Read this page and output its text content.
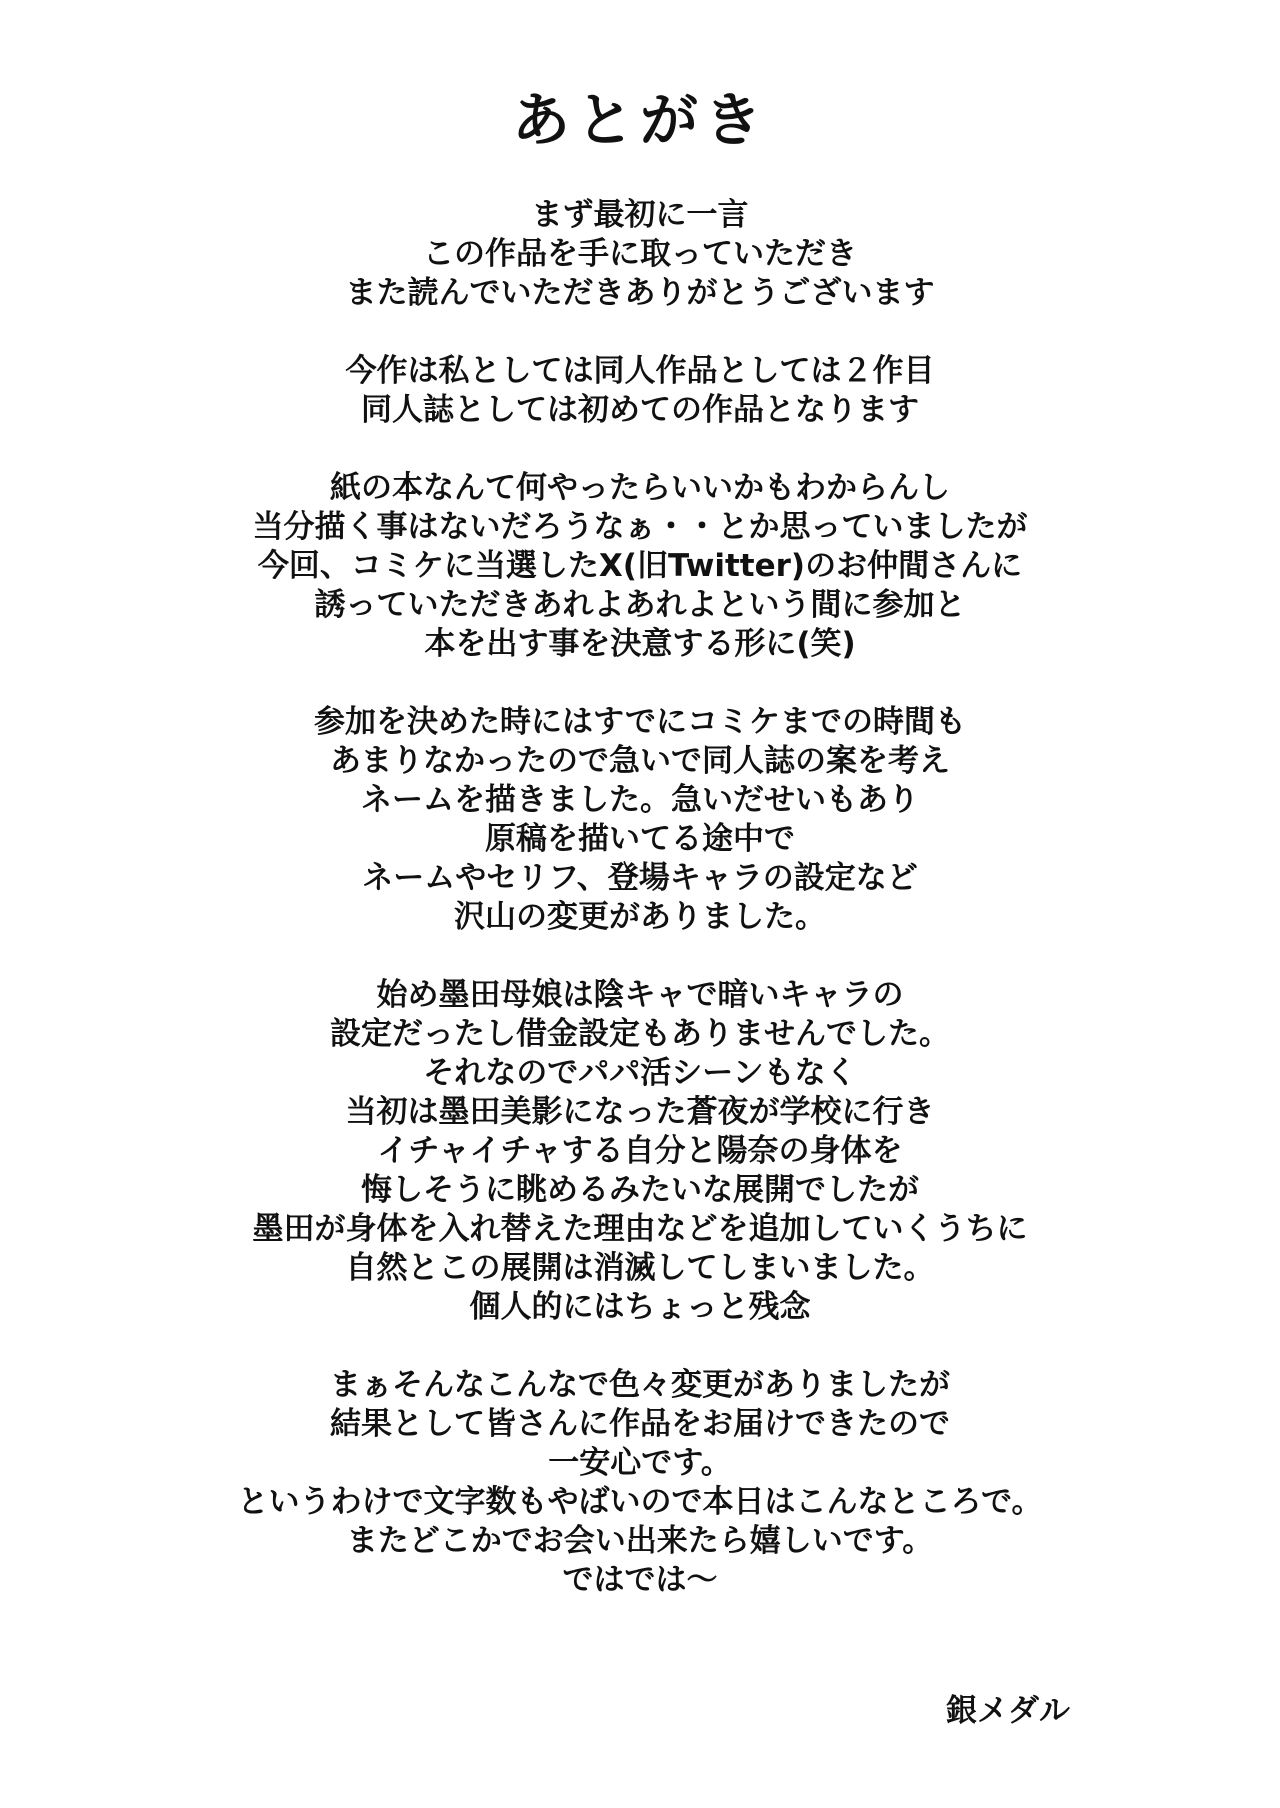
あとがき
まず最初に一言
この作品を手に取っていただき
また読んでいただきありがとうございます
今作は私としては同人作品としては２作目
同人誌としては初めての作品となります
紙の本なんて何やったらいいかもわからんし
当分描く事はないだろうなぁ・・とか思っていましたが
今回、コミケに当選したX(旧Twitter)のお仲間さんに
誘っていただきあれよあれよという間に参加と
本を出す事を決意する形に(笑)
参加を決めた時にはすでにコミケまでの時間も
あまりなかったので急いで同人誌の案を考え
ネームを描きました。急いだせいもあり
原稿を描いてる途中で
ネームやセリフ、登場キャラの設定など
沢山の変更がありました。
始め墨田母娘は陰キャで暗いキャラの
設定だったし借金設定もありませんでした。
それなのでパパ活シーンもなく
当初は墨田美影になった蒼夜が学校に行き
イチャイチャする自分と陽奈の身体を
悔しそうに眺めるみたいな展開でしたが
墨田が身体を入れ替えた理由などを追加していくうちに
自然とこの展開は消滅してしまいました。
個人的にはちょっと残念
まぁそんなこんなで色々変更がありましたが
結果として皆さんに作品をお届けできたので
一安心です。
というわけで文字数もやばいので本日はこんなところで。
またどこかでお会い出来たら嬉しいです。
ではでは〜
銀メダル
